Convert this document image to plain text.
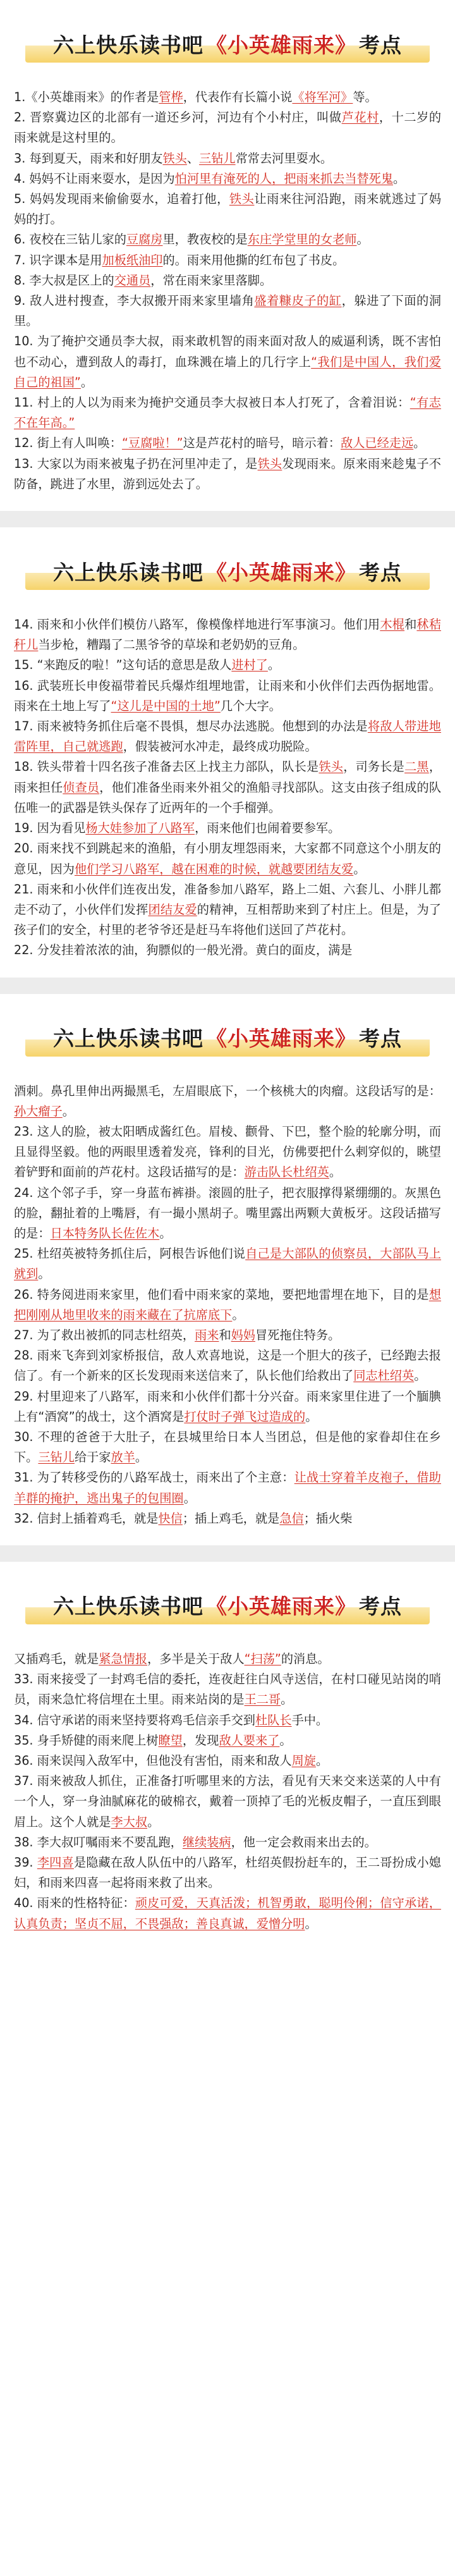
六上快乐读书吧 《小英雄雨来》 考点

1.《小英雄雨来》的作者是管桦，代表作有长篇小说《将军河》等。

2. 晋察冀边区的北部有一道还乡河，河边有个小村庄，叫做芦花村，十二岁的雨来就是这村里的。

3. 每到夏天，雨来和好朋友铁头、三钻儿常常去河里耍水。

4. 妈妈不让雨来耍水，是因为怕河里有淹死的人，把雨来抓去当替死鬼。

5. 妈妈发现雨来偷偷耍水，追着打他，铁头让雨来往河沿跑，雨来就逃过了妈妈的打。

6. 夜校在三钻儿家的豆腐房里，教夜校的是东庄学堂里的女老师。

7. 识字课本是用加板纸油印的。雨来用他撕的红布包了书皮。

8. 李大叔是区上的交通员，常在雨来家里落脚。

9. 敌人进村搜查，李大叔搬开雨来家里墙角盛着糠皮子的缸，躲进了下面的洞里。

10. 为了掩护交通员李大叔，雨来敢机智的雨来面对敌人的威逼利诱，既不害怕也不动心，遭到敌人的毒打，血珠溅在墙上的几行字上“我们是中国人，我们爱自己的祖国”。

11. 村上的人以为雨来为掩护交通员李大叔被日本人打死了，含着泪说：“有志不在年高。”

12. 街上有人叫唤：“豆腐啦！”这是芦花村的暗号，暗示着：敌人已经走远。

13. 大家以为雨来被鬼子扔在河里冲走了，是铁头发现雨来。原来雨来趁鬼子不防备，跳进了水里，游到远处去了。

六上快乐读书吧 《小英雄雨来》 考点

14. 雨来和小伙伴们模仿八路军，像模像样地进行军事演习。他们用木棍和秫秸秆儿当步枪，糟蹋了二黑爷爷的草垛和老奶奶的豆角。

15. “来跑反的啦！”这句话的意思是敌人进村了。

16. 武装班长申俊福带着民兵爆炸组埋地雷，让雨来和小伙伴们去西伪据地雷。雨来在土地上写了“这儿是中国的土地”几个大字。

17. 雨来被特务抓住后毫不畏惧，想尽办法逃脱。他想到的办法是将敌人带进地雷阵里，自己就逃跑，假装被河水冲走，最终成功脱险。

18. 铁头带着十四名孩子准备去区上找主力部队，队长是铁头，司务长是二黑，雨来担任侦查员，他们准备坐雨来外祖父的渔船寻找部队。这支由孩子组成的队伍唯一的武器是铁头保存了近两年的一个手榴弹。

19. 因为看见杨大娃参加了八路军，雨来他们也闹着要参军。

20. 雨来找不到跳起来的渔船，有小朋友埋怨雨来，大家都不同意这个小朋友的意见，因为他们学习八路军，越在困难的时候，就越要团结友爱。

21. 雨来和小伙伴们连夜出发，准备参加八路军，路上二姐、六套儿、小胖儿都走不动了，小伙伴们发挥团结友爱的精神，互相帮助来到了村庄上。但是，为了孩子们的安全，村里的老爷爷还是赶马车将他们送回了芦花村。

22. 分发挂着浓浓的油，狗膘似的一般光滑。黄白的面皮，满是

六上快乐读书吧 《小英雄雨来》 考点

酒刺。鼻孔里伸出两撮黑毛，左眉眼底下，一个核桃大的肉瘤。这段话写的是：孙大瘤子。

23. 这人的脸，被太阳晒成酱红色。眉棱、颧骨、下巴，整个脸的轮廓分明，而且显得坚毅。他的两眼里透着发亮，锋利的目光，仿佛要把什么剌穿似的，眺望着铲野和面前的芦花村。这段话描写的是：游击队长杜绍英。

24. 这个邻子手，穿一身蓝布裤褂。滚圆的肚子，把衣服撑得紧绷绷的。灰黑色的脸，翻扯着的上嘴唇，有一撮小黑胡子。嘴里露出两颗大黄板牙。这段话描写的是：日本特务队长佐佐木。

25. 杜绍英被特务抓住后，阿根告诉他们说自己是大部队的侦察员，大部队马上就到。

26. 特务阅进雨来家里，他们看中雨来家的菜地，要把地雷埋在地下，目的是想把刚刚从地里收来的雨来藏在了抗席底下。

27. 为了救出被抓的同志杜绍英，雨来和妈妈冒死拖住特务。

28. 雨来飞奔到刘家桥报信，敌人欢喜地说，这是一个胆大的孩子，已经跑去报信了。有一个新来的区长发现雨来送信来了，队长他们给救出了同志杜绍英。

29. 村里迎来了八路军，雨来和小伙伴们都十分兴奋。雨来家里住进了一个腼腆上有“酒窝”的战士，这个酒窝是打仗时子弹飞过造成的。

30. 不理的爸爸于大肚子，在县城里给日本人当团总，但是他的家眷却住在乡下。三钻儿给于家放羊。

31. 为了转移受伤的八路军战士，雨来出了个主意：让战士穿着羊皮袍子，借助羊群的掩护，逃出鬼子的包围圈。

32. 信封上插着鸡毛，就是快信；插上鸡毛，就是急信；插火柴

六上快乐读书吧 《小英雄雨来》 考点

又插鸡毛，就是紧急情报，多半是关于敌人“扫荡”的消息。

33. 雨来接受了一封鸡毛信的委托，连夜赶往白风寺送信，在村口碰见站岗的哨员，雨来急忙将信埋在土里。雨来站岗的是王二哥。

34. 信守承诺的雨来坚持要将鸡毛信亲手交到杜队长手中。

35. 身手矫健的雨来爬上树瞭望，发现敌人要来了。

36. 雨来误闯入敌军中，但他没有害怕，雨来和敌人周旋。

37. 雨来被敌人抓住，正准备打听哪里来的方法，看见有天来交来送菜的人中有一个人，穿一身油腻麻花的破棉衣，戴着一顶掉了毛的光板皮帽子，一直压到眼眉上。这个人就是李大叔。

38. 李大叔叮嘱雨来不要乱跑，继续装病，他一定会救雨来出去的。

39. 李四喜是隐藏在敌人队伍中的八路军，杜绍英假扮赶车的，王二哥扮成小媳妇，和雨来四喜一起将雨来救了出来。

40. 雨来的性格特征：顽皮可爱，天真活泼；机智勇敢，聪明伶俐；信守承诺，认真负责；坚贞不屈，不畏强敌；善良真诚，爱憎分明。
